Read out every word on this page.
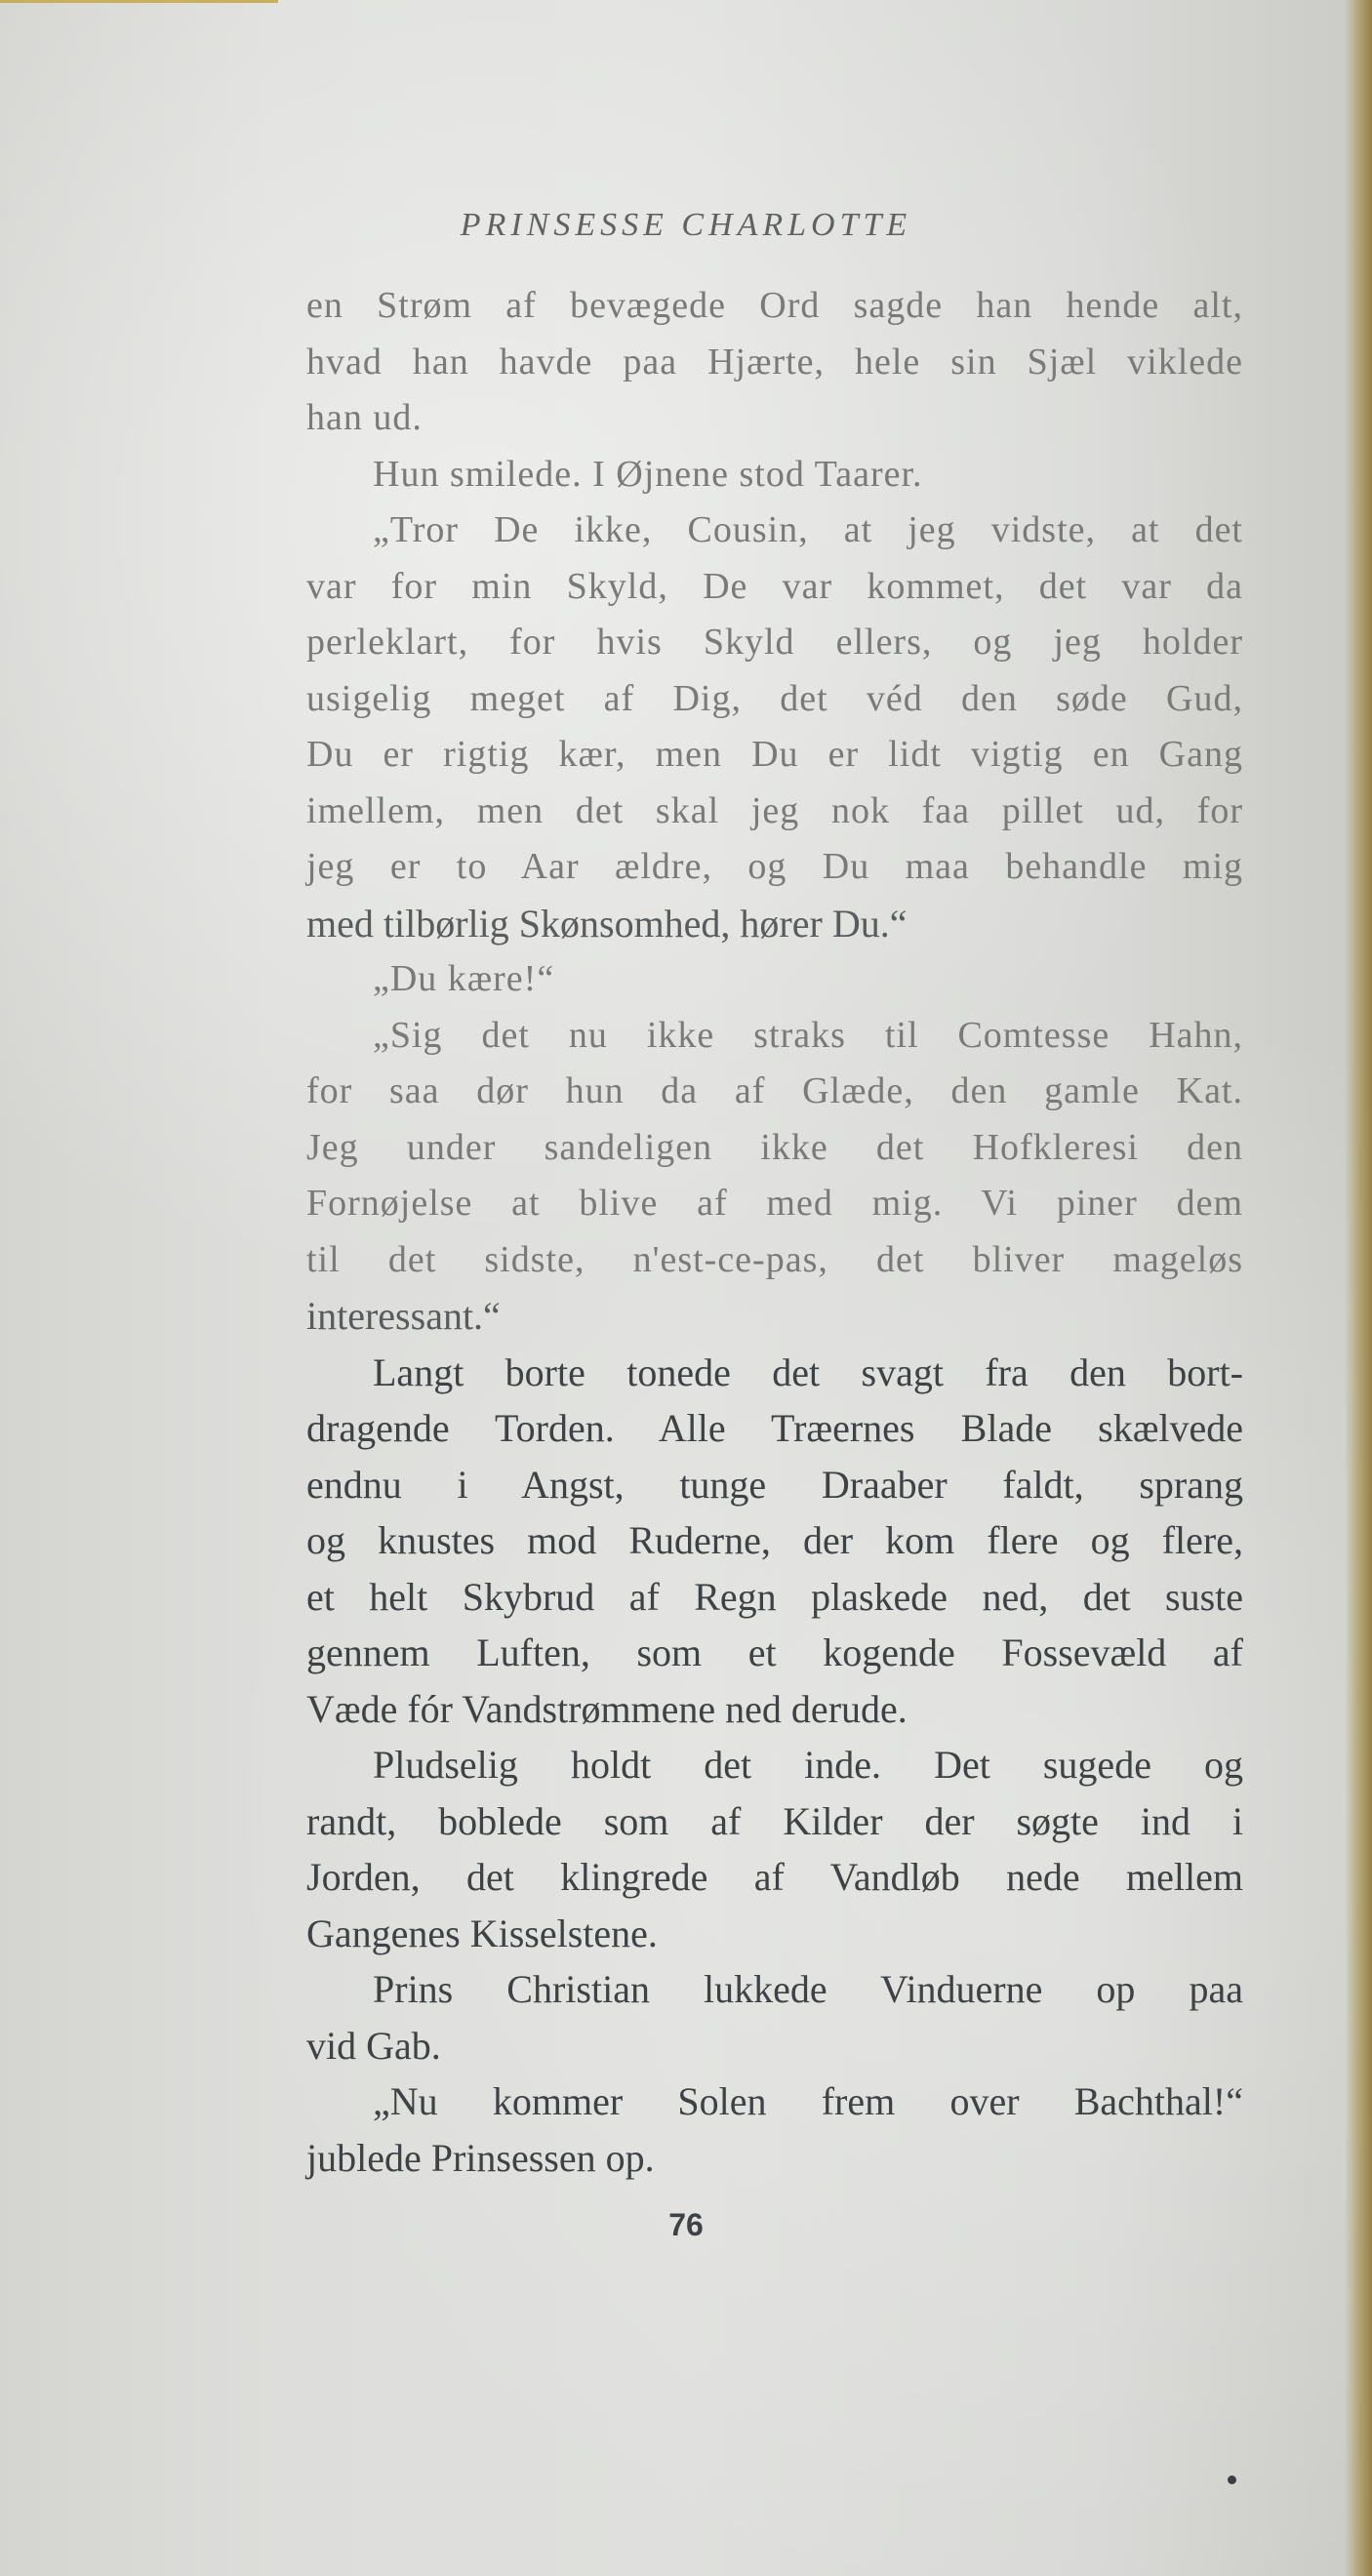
PRINSESSE CHARLOTTE
en Strøm af bevægede Ord sagde han hende alt,
hvad han havde paa Hjærte, hele sin Sjæl viklede
han ud.
Hun smilede. I Øjnene stod Taarer.
„Tror De ikke, Cousin, at jeg vidste, at det
var for min Skyld, De var kommet, det var da
perleklart, for hvis Skyld ellers, og jeg holder
usigelig meget af Dig, det véd den søde Gud,
Du er rigtig kær, men Du er lidt vigtig en Gang
imellem, men det skal jeg nok faa pillet ud, for
jeg er to Aar ældre, og Du maa behandle mig
med tilbørlig Skønsomhed, hører Du.“
„Du kære!“
„Sig det nu ikke straks til Comtesse Hahn,
for saa dør hun da af Glæde, den gamle Kat.
Jeg under sandeligen ikke det Hofkleresi den
Fornøjelse at blive af med mig. Vi piner dem
til det sidste, n'est-ce-pas, det bliver mageløs
interessant.“
Langt borte tonede det svagt fra den bort-
dragende Torden. Alle Træernes Blade skælvede
endnu i Angst, tunge Draaber faldt, sprang
og knustes mod Ruderne, der kom flere og flere,
et helt Skybrud af Regn plaskede ned, det suste
gennem Luften, som et kogende Fossevæld af
Væde fór Vandstrømmene ned derude.
Pludselig holdt det inde. Det sugede og
randt, boblede som af Kilder der søgte ind i
Jorden, det klingrede af Vandløb nede mellem
Gangenes Kisselstene.
Prins Christian lukkede Vinduerne op paa
vid Gab.
„Nu kommer Solen frem over Bachthal!“
jublede Prinsessen op.
76
